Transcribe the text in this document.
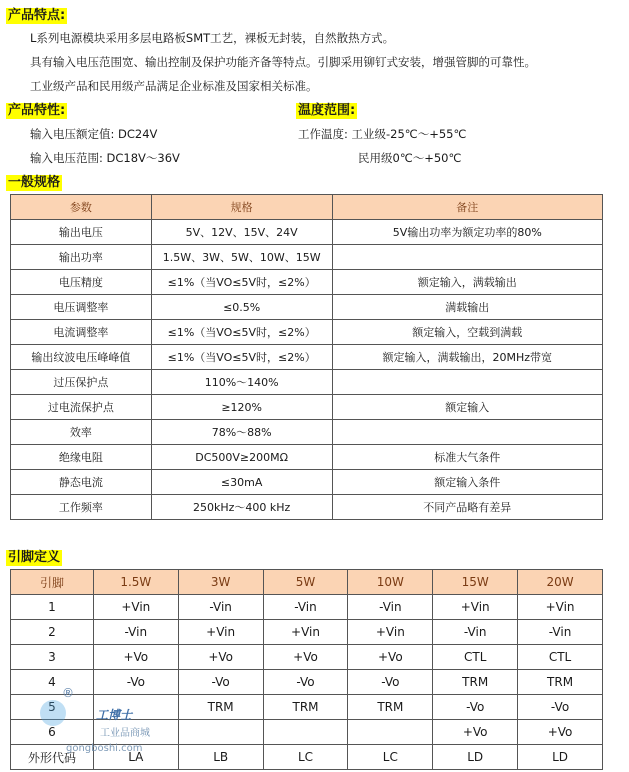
产品特点:
L系列电源模块采用多层电路板SMT工艺，裸板无封装，自然散热方式。
具有输入电压范围宽、输出控制及保护功能齐备等特点。引脚采用铆钉式安装，增强管脚的可靠性。
工业级产品和民用级产品满足企业标准及国家相关标准。
产品特性:
输入电压额定值: DC24V
输入电压范围: DC18V～36V
温度范围:
工作温度: 工业级-25℃～+55℃
民用级0℃～+50℃
一般规格
参数	规格	备注
输出电压	5V、12V、15V、24V	5V输出功率为额定功率的80%
输出功率	1.5W、3W、5W、10W、15W	
电压精度	≤1%（当VO≤5V时，≤2%）	额定输入，满载输出
电压调整率	≤0.5%	满载输出
电流调整率	≤1%（当VO≤5V时，≤2%）	额定输入，空载到满载
输出纹波电压峰峰值	≤1%（当VO≤5V时，≤2%）	额定输入，满载输出，20MHz带宽
过压保护点	110%～140%	
过电流保护点	≥120%	额定输入
效率	78%～88%	
绝缘电阻	DC500V≥200MΩ	标准大气条件
静态电流	≤30mA	额定输入条件
工作频率	250kHz～400 kHz	不同产品略有差异
引脚定义
引脚	1.5W	3W	5W	10W	15W	20W
1	+Vin	-Vin	-Vin	-Vin	+Vin	+Vin
2	-Vin	+Vin	+Vin	+Vin	-Vin	-Vin
3	+Vo	+Vo	+Vo	+Vo	CTL	CTL
4	-Vo	-Vo	-Vo	-Vo	TRM	TRM
5		TRM	TRM	TRM	-Vo	-Vo
6					+Vo	+Vo
外形代码	LA	LB	LC	LC	LD	LD
®
工博士
工业品商城
gongboshi.com
